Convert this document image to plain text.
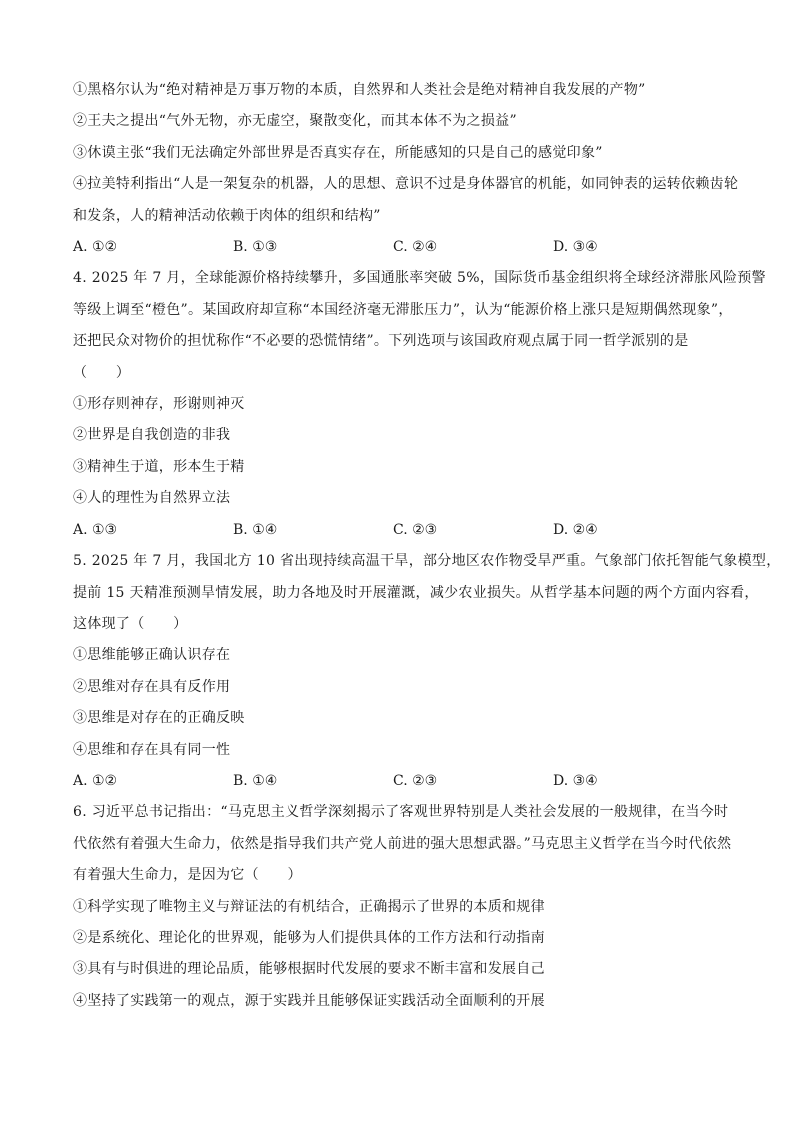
①黑格尔认为“绝对精神是万事万物的本质，自然界和人类社会是绝对精神自我发展的产物”
②王夫之提出“气外无物，亦无虚空，聚散变化，而其本体不为之损益”
③休谟主张“我们无法确定外部世界是否真实存在，所能感知的只是自己的感觉印象”
④拉美特利指出“人是一架复杂的机器，人的思想、意识不过是身体器官的机能，如同钟表的运转依赖齿轮
和发条，人的精神活动依赖于肉体的组织和结构”
A. ①②	B. ①③	C. ②④	D. ③④
4. 2025 年 7 月，全球能源价格持续攀升，多国通胀率突破 5%，国际货币基金组织将全球经济滞胀风险预警
等级上调至“橙色”。某国政府却宣称“本国经济毫无滞胀压力”，认为“能源价格上涨只是短期偶然现象”，
还把民众对物价的担忧称作“不必要的恐慌情绪”。下列选项与该国政府观点属于同一哲学派别的是
（　　）
①形存则神存，形谢则神灭
②世界是自我创造的非我
③精神生于道，形本生于精
④人的理性为自然界立法
A. ①③	B. ①④	C. ②③	D. ②④
5. 2025 年 7 月，我国北方 10 省出现持续高温干旱，部分地区农作物受旱严重。气象部门依托智能气象模型，
提前 15 天精准预测旱情发展，助力各地及时开展灌溉，减少农业损失。从哲学基本问题的两个方面内容看，
这体现了（　　）
①思维能够正确认识存在
②思维对存在具有反作用
③思维是对存在的正确反映
④思维和存在具有同一性
A. ①②	B. ①④	C. ②③	D. ③④
6. 习近平总书记指出：“马克思主义哲学深刻揭示了客观世界特别是人类社会发展的一般规律，在当今时
代依然有着强大生命力，依然是指导我们共产党人前进的强大思想武器。”马克思主义哲学在当今时代依然
有着强大生命力，是因为它（　　）
①科学实现了唯物主义与辩证法的有机结合，正确揭示了世界的本质和规律
②是系统化、理论化的世界观，能够为人们提供具体的工作方法和行动指南
③具有与时俱进的理论品质，能够根据时代发展的要求不断丰富和发展自己
④坚持了实践第一的观点，源于实践并且能够保证实践活动全面顺利的开展
